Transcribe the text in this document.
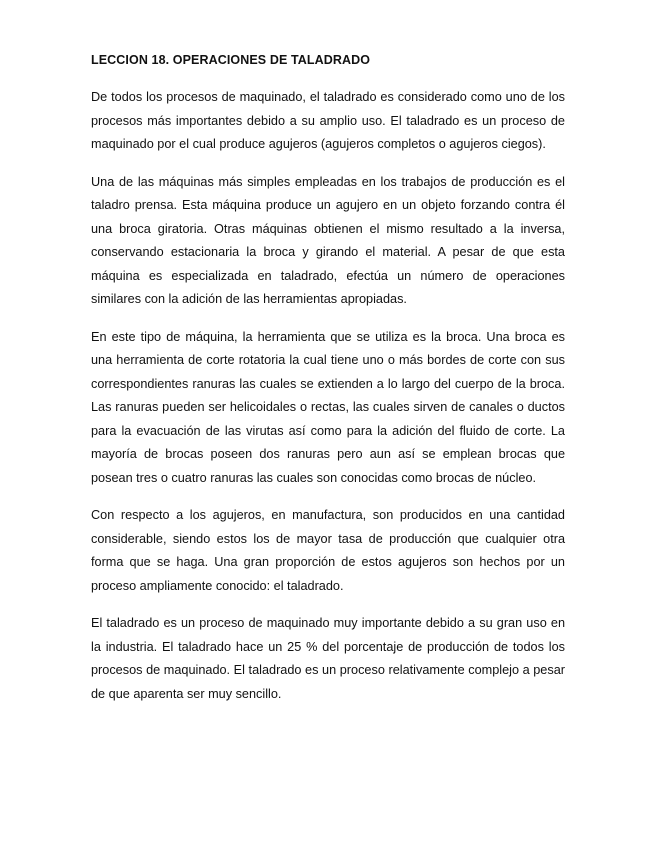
LECCION 18. OPERACIONES DE TALADRADO

De todos los procesos de maquinado, el taladrado es considerado como uno de los procesos más importantes debido a su amplio uso. El taladrado es un proceso de maquinado por el cual produce agujeros (agujeros completos o agujeros ciegos).

Una de las máquinas más simples empleadas en los trabajos de producción es el taladro prensa. Esta máquina produce un agujero en un objeto forzando contra él una broca giratoria. Otras máquinas obtienen el mismo resultado a la inversa, conservando estacionaria la broca y girando el material. A pesar de que esta máquina es especializada en taladrado, efectúa un número de operaciones similares con la adición de las herramientas apropiadas.

En este tipo de máquina, la herramienta que se utiliza es la broca. Una broca es una herramienta de corte rotatoria la cual tiene uno o más bordes de corte con sus correspondientes ranuras las cuales se extienden a lo largo del cuerpo de la broca. Las ranuras pueden ser helicoidales o rectas, las cuales sirven de canales o ductos para la evacuación de las virutas así como para la adición del fluido de corte. La mayoría de brocas poseen dos ranuras pero aun así se emplean brocas que posean tres o cuatro ranuras las cuales son conocidas como brocas de núcleo.

Con respecto a los agujeros, en manufactura, son producidos en una cantidad considerable, siendo estos los de mayor tasa de producción que cualquier otra forma que se haga. Una gran proporción de estos agujeros son hechos por un proceso ampliamente conocido: el taladrado.

El taladrado es un proceso de maquinado muy importante debido a su gran uso en la industria. El taladrado hace un 25 % del porcentaje de producción de todos los procesos de maquinado. El taladrado es un proceso relativamente complejo a pesar de que aparenta ser muy sencillo.
